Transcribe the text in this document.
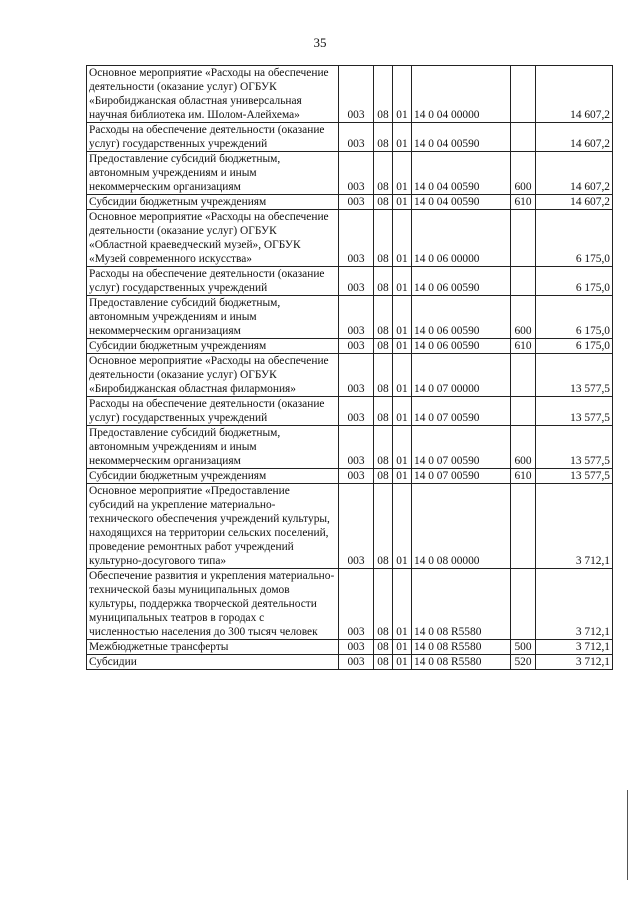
35
Основное мероприятие «Расходы на обеспечение деятельности (оказание услуг) ОГБУК «Биробиджанская областная универсальная научная библиотека им. Шолом-Алейхема»	003	08	01	14 0 04 00000		14 607,2
Расходы на обеспечение деятельности (оказание услуг) государственных учреждений	003	08	01	14 0 04 00590		14 607,2
Предоставление субсидий бюджетным, автономным учреждениям и иным некоммерческим организациям	003	08	01	14 0 04 00590	600	14 607,2
Субсидии бюджетным учреждениям	003	08	01	14 0 04 00590	610	14 607,2
Основное мероприятие «Расходы на обеспечение деятельности (оказание услуг) ОГБУК «Областной краеведческий музей», ОГБУК «Музей современного искусства»	003	08	01	14 0 06 00000		6 175,0
Расходы на обеспечение деятельности (оказание услуг) государственных учреждений	003	08	01	14 0 06 00590		6 175,0
Предоставление субсидий бюджетным, автономным учреждениям и иным некоммерческим организациям	003	08	01	14 0 06 00590	600	6 175,0
Субсидии бюджетным учреждениям	003	08	01	14 0 06 00590	610	6 175,0
Основное мероприятие «Расходы на обеспечение деятельности (оказание услуг) ОГБУК «Биробиджанская областная филармония»	003	08	01	14 0 07 00000		13 577,5
Расходы на обеспечение деятельности (оказание услуг) государственных учреждений	003	08	01	14 0 07 00590		13 577,5
Предоставление субсидий бюджетным, автономным учреждениям и иным некоммерческим организациям	003	08	01	14 0 07 00590	600	13 577,5
Субсидии бюджетным учреждениям	003	08	01	14 0 07 00590	610	13 577,5
Основное мероприятие «Предоставление субсидий на укрепление материально-технического обеспечения учреждений культуры, находящихся на территории сельских поселений, проведение ремонтных работ учреждений культурно-досугового типа»	003	08	01	14 0 08 00000		3 712,1
Обеспечение развития и укрепления материально-технической базы муниципальных домов культуры, поддержка творческой деятельности муниципальных театров в городах с численностью населения до 300 тысяч человек	003	08	01	14 0 08 R5580		3 712,1
Межбюджетные трансферты	003	08	01	14 0 08 R5580	500	3 712,1
Субсидии	003	08	01	14 0 08 R5580	520	3 712,1
